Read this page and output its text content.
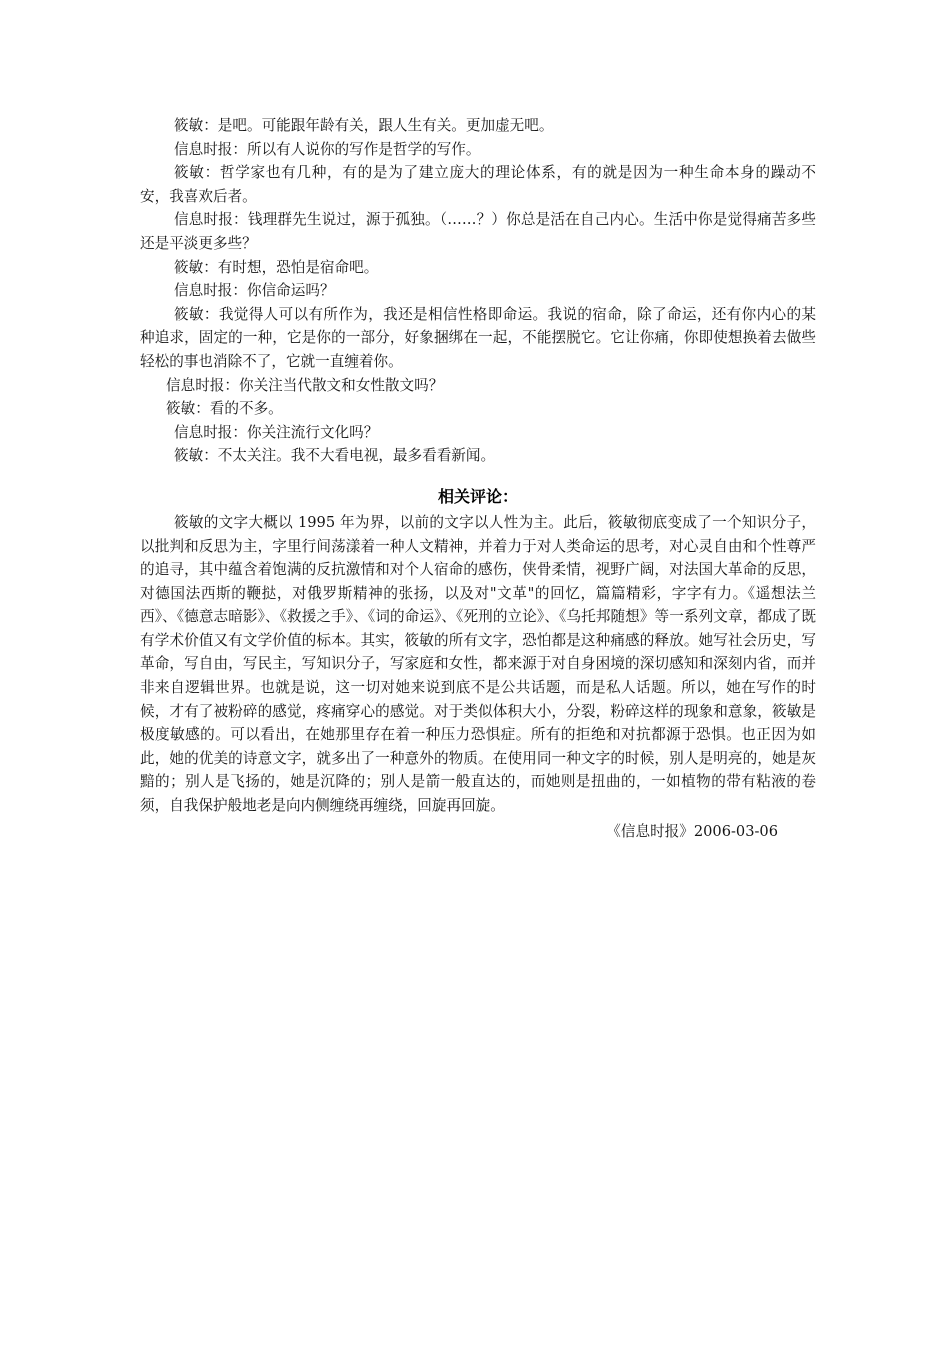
筱敏：是吧。可能跟年龄有关，跟人生有关。更加虚无吧。

信息时报：所以有人说你的写作是哲学的写作。

筱敏：哲学家也有几种，有的是为了建立庞大的理论体系，有的就是因为一种生命本身的躁动不安，我喜欢后者。

信息时报：钱理群先生说过，源于孤独。（……？）你总是活在自己内心。生活中你是觉得痛苦多些还是平淡更多些？

筱敏：有时想，恐怕是宿命吧。

信息时报：你信命运吗？

筱敏：我觉得人可以有所作为，我还是相信性格即命运。我说的宿命，除了命运，还有你内心的某种追求，固定的一种，它是你的一部分，好象捆绑在一起，不能摆脱它。它让你痛，你即使想换着去做些轻松的事也消除不了，它就一直缠着你。

信息时报：你关注当代散文和女性散文吗？

筱敏：看的不多。

信息时报：你关注流行文化吗？

筱敏：不太关注。我不大看电视，最多看看新闻。

相关评论：

筱敏的文字大概以 1995 年为界，以前的文字以人性为主。此后，筱敏彻底变成了一个知识分子，以批判和反思为主，字里行间荡漾着一种人文精神，并着力于对人类命运的思考，对心灵自由和个性尊严的追寻，其中蕴含着饱满的反抗激情和对个人宿命的感伤，侠骨柔情，视野广阔，对法国大革命的反思，对德国法西斯的鞭挞，对俄罗斯精神的张扬，以及对"文革"的回忆，篇篇精彩，字字有力。《遥想法兰西》、《德意志暗影》、《救援之手》、《词的命运》、《死刑的立论》、《乌托邦随想》等一系列文章，都成了既有学术价值又有文学价值的标本。其实，筱敏的所有文字，恐怕都是这种痛感的释放。她写社会历史，写革命，写自由，写民主，写知识分子，写家庭和女性，都来源于对自身困境的深切感知和深刻内省，而并非来自逻辑世界。也就是说，这一切对她来说到底不是公共话题，而是私人话题。所以，她在写作的时候，才有了被粉碎的感觉，疼痛穿心的感觉。对于类似体积大小，分裂，粉碎这样的现象和意象，筱敏是极度敏感的。可以看出，在她那里存在着一种压力恐惧症。所有的拒绝和对抗都源于恐惧。也正因为如此，她的优美的诗意文字，就多出了一种意外的物质。在使用同一种文字的时候，别人是明亮的，她是灰黯的；别人是飞扬的，她是沉降的；别人是箭一般直达的，而她则是扭曲的，一如植物的带有粘液的卷须，自我保护般地老是向内侧缠绕再缠绕，回旋再回旋。

《信息时报》2006-03-06
